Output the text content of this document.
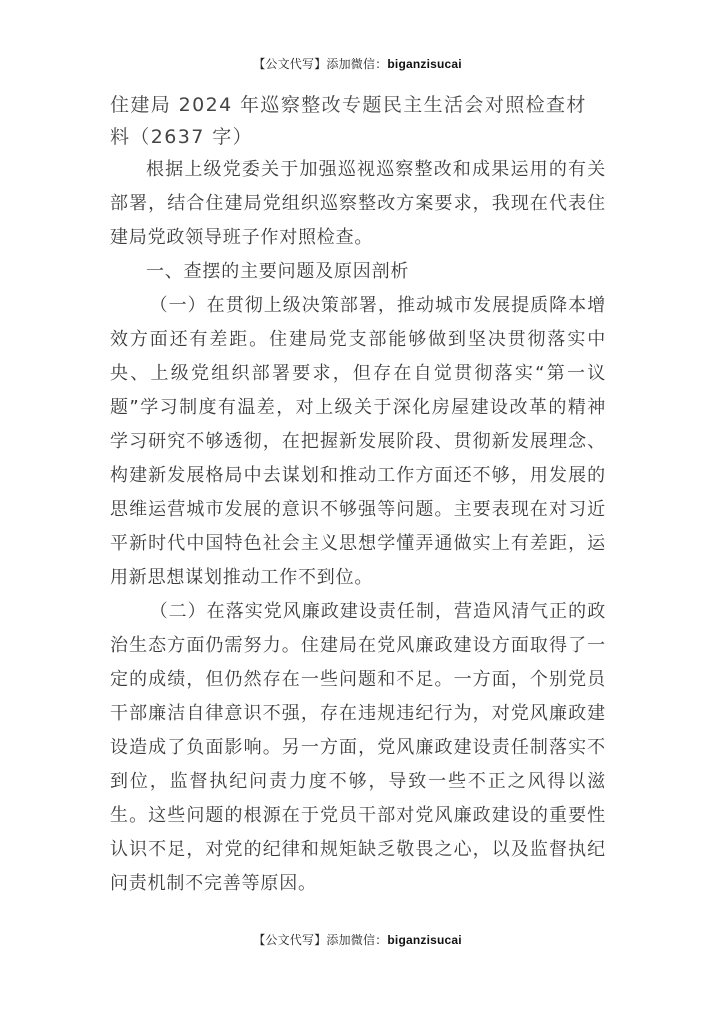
【公文代写】添加微信：biganzisucai
住建局 2024 年巡察整改专题民主生活会对照检查材料（2637 字）

根据上级党委关于加强巡视巡察整改和成果运用的有关部署，结合住建局党组织巡察整改方案要求，我现在代表住建局党政领导班子作对照检查。

一、查摆的主要问题及原因剖析

（一）在贯彻上级决策部署，推动城市发展提质降本增效方面还有差距。住建局党支部能够做到坚决贯彻落实中央、上级党组织部署要求，但存在自觉贯彻落实“第一议题”学习制度有温差，对上级关于深化房屋建设改革的精神学习研究不够透彻，在把握新发展阶段、贯彻新发展理念、构建新发展格局中去谋划和推动工作方面还不够，用发展的思维运营城市发展的意识不够强等问题。主要表现在对习近平新时代中国特色社会主义思想学懂弄通做实上有差距，运用新思想谋划推动工作不到位。

（二）在落实党风廉政建设责任制，营造风清气正的政治生态方面仍需努力。住建局在党风廉政建设方面取得了一定的成绩，但仍然存在一些问题和不足。一方面，个别党员干部廉洁自律意识不强，存在违规违纪行为，对党风廉政建设造成了负面影响。另一方面，党风廉政建设责任制落实不到位，监督执纪问责力度不够，导致一些不正之风得以滋生。这些问题的根源在于党员干部对党风廉政建设的重要性认识不足，对党的纪律和规矩缺乏敬畏之心，以及监督执纪问责机制不完善等原因。

【公文代写】添加微信：biganzisucai
